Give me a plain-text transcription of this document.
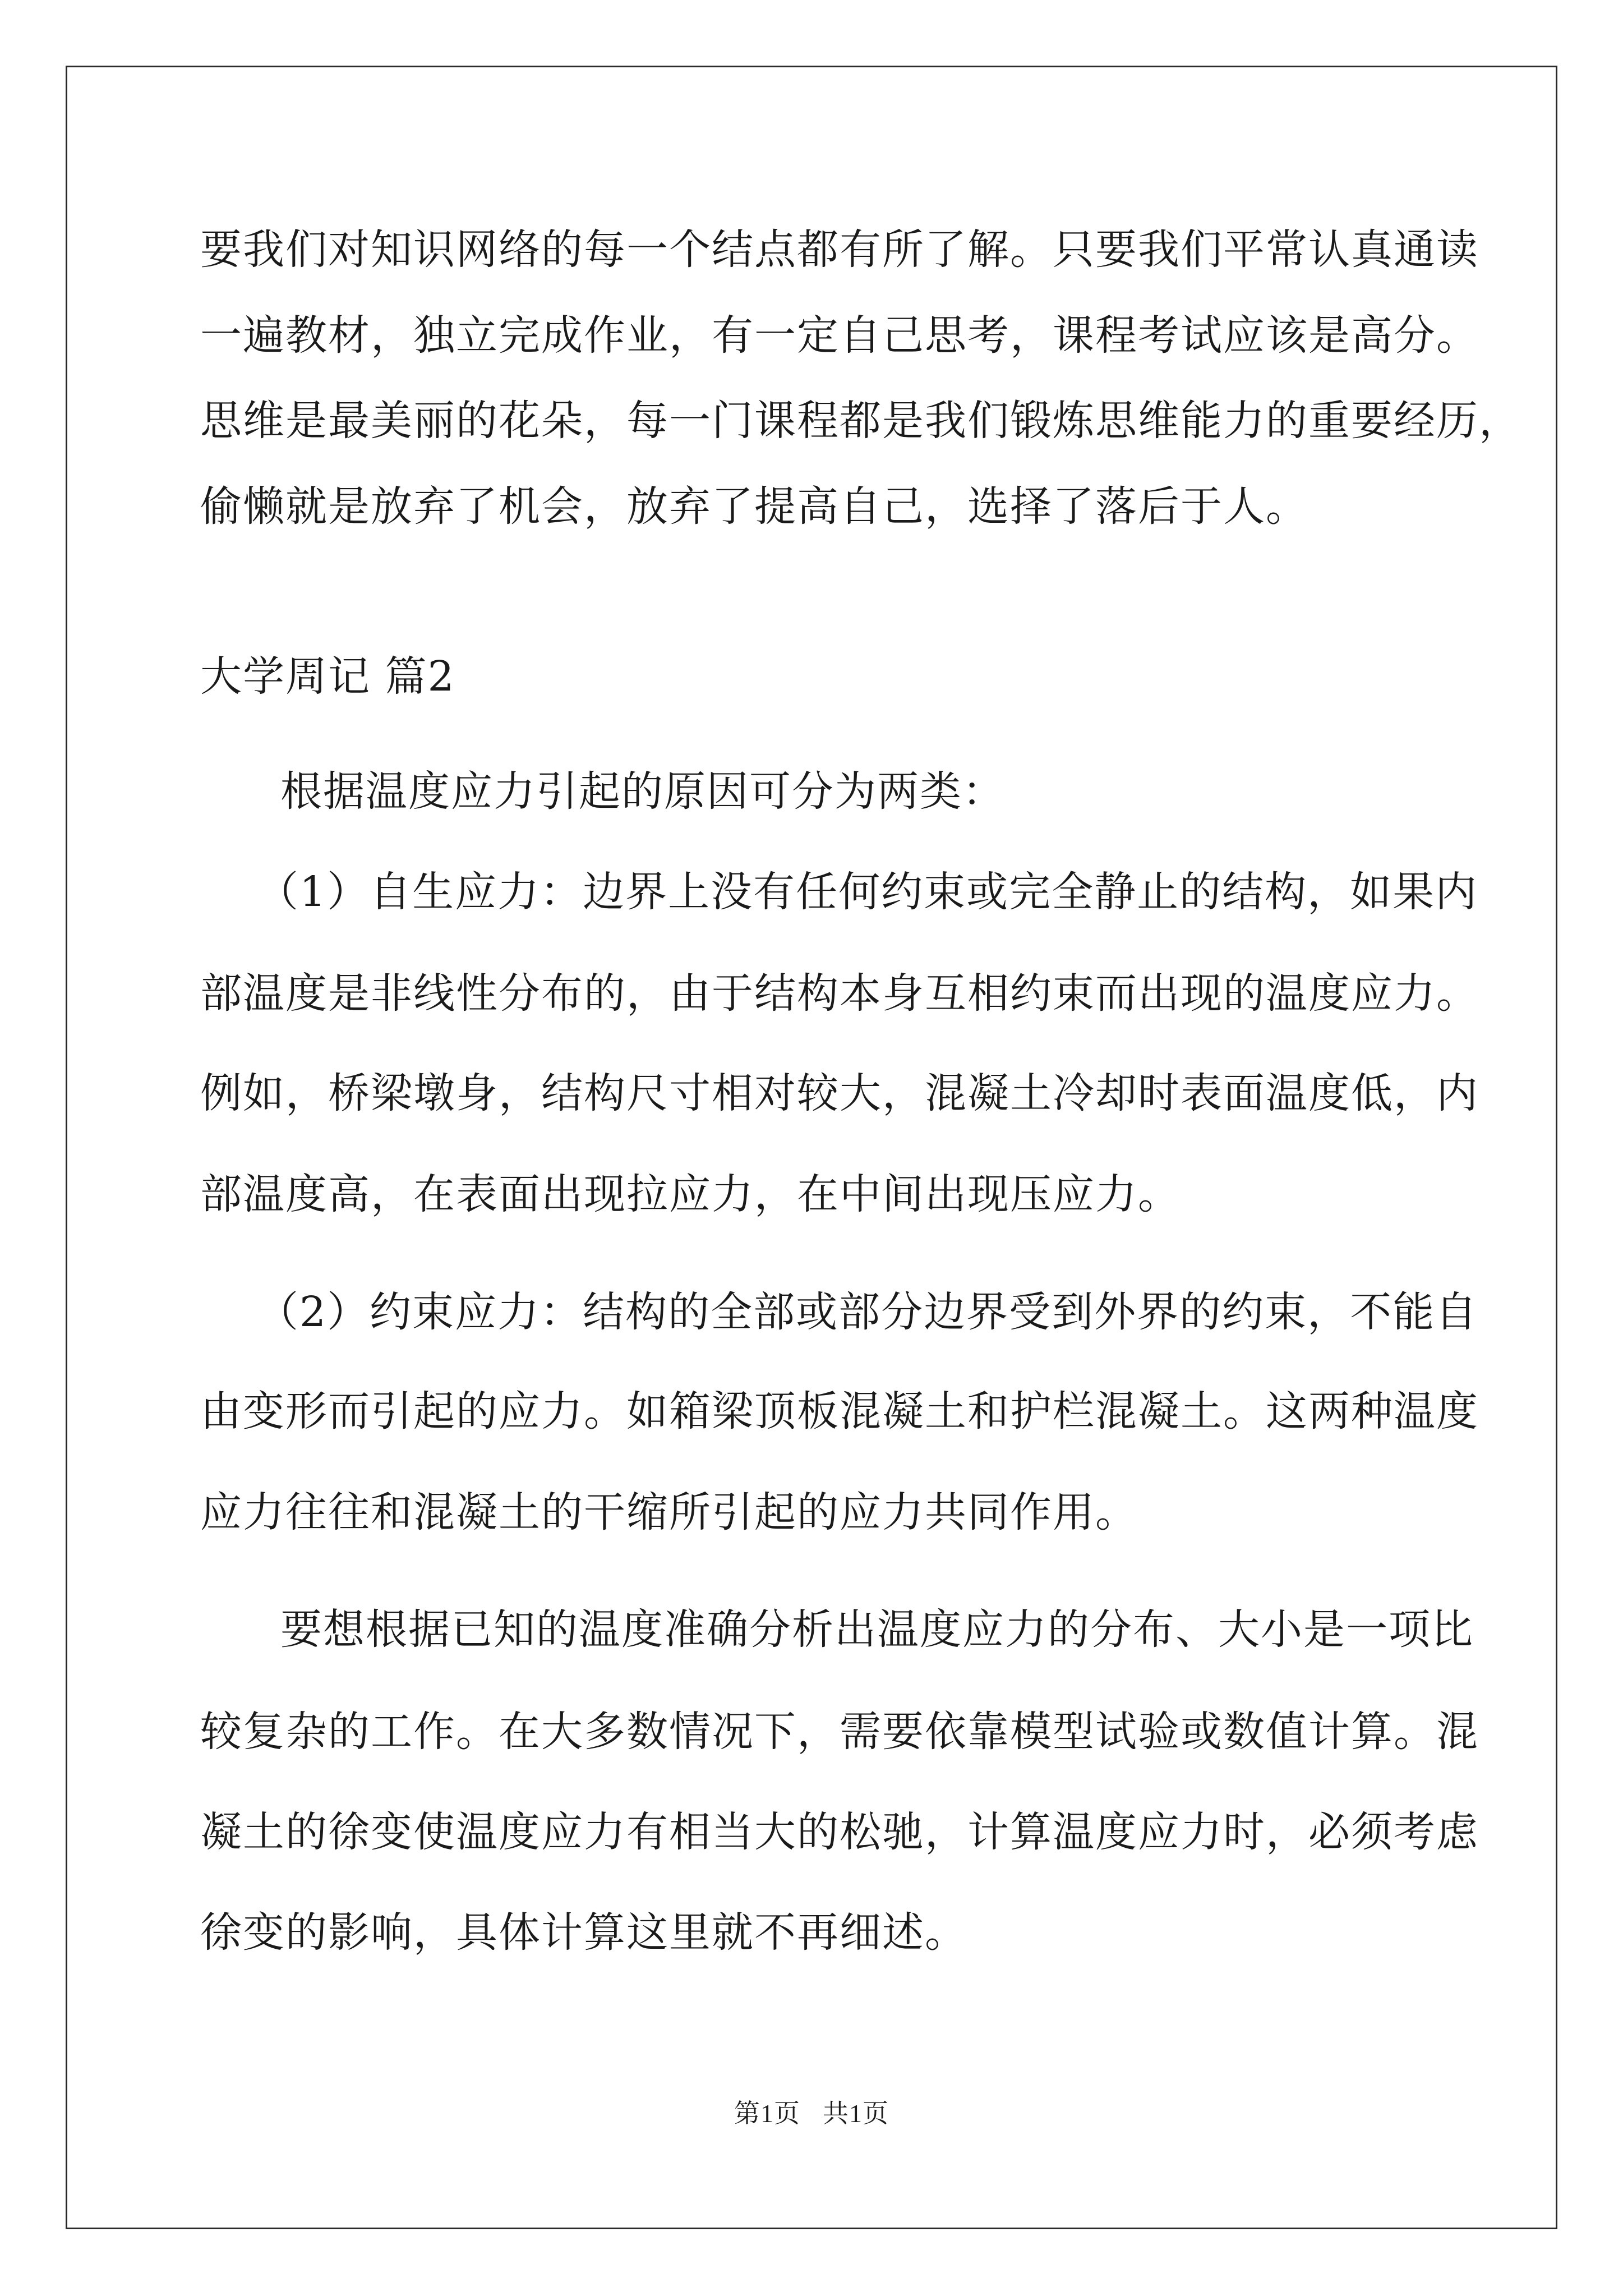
要我们对知识网络的每一个结点都有所了解。只要我们平常认真通读
一遍教材，独立完成作业，有一定自己思考，课程考试应该是高分。
思维是最美丽的花朵，每一门课程都是我们锻炼思维能力的重要经历，
偷懒就是放弃了机会，放弃了提高自己，选择了落后于人。
大学周记 篇2
根据温度应力引起的原因可分为两类：
（1）自生应力：边界上没有任何约束或完全静止的结构，如果内
部温度是非线性分布的，由于结构本身互相约束而出现的温度应力。
例如，桥梁墩身，结构尺寸相对较大，混凝土冷却时表面温度低，内
部温度高，在表面出现拉应力，在中间出现压应力。
（2）约束应力：结构的全部或部分边界受到外界的约束，不能自
由变形而引起的应力。如箱梁顶板混凝土和护栏混凝土。这两种温度
应力往往和混凝土的干缩所引起的应力共同作用。
要想根据已知的温度准确分析出温度应力的分布、大小是一项比
较复杂的工作。在大多数情况下，需要依靠模型试验或数值计算。混
凝土的徐变使温度应力有相当大的松驰，计算温度应力时，必须考虑
徐变的影响，具体计算这里就不再细述。
第1页 共1页
